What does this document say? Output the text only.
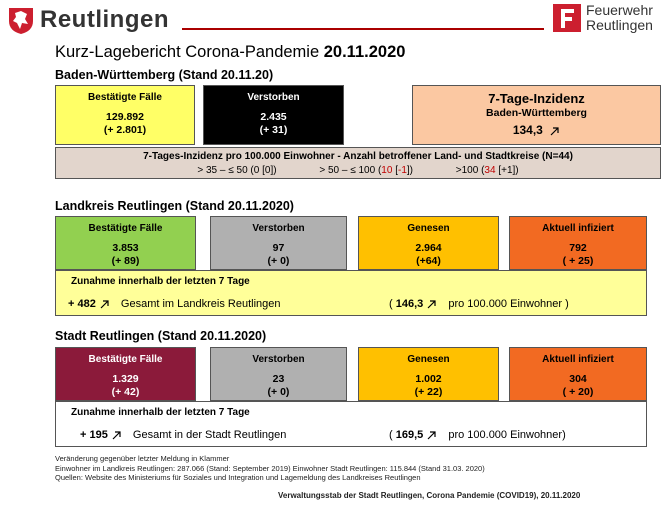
Reutlingen	Feuerwehr
Reutlingen
Kurz-Lagebericht Corona-Pandemie 20.11.2020
Baden-Württemberg (Stand 20.11.20)
Bestätigte Fälle
129.892
(+ 2.801)
Verstorben
2.435
(+ 31)
7-Tage-Inzidenz
Baden-Württemberg
134,3
7-Tages-Inzidenz pro 100.000 Einwohner - Anzahl betroffener Land- und Stadtkreise (N=44)
> 35 – ≤ 50 (0 [0])	> 50 – ≤ 100 (10 [-1])	>100 (34 [+1])
Landkreis Reutlingen (Stand 20.11.2020)
Bestätigte Fälle
3.853
(+ 89)
Verstorben
97
(+ 0)
Genesen
2.964
(+64)
Aktuell infiziert
792
( + 25)
Zunahme innerhalb der letzten 7 Tage
+ 482 Gesamt im Landkreis Reutlingen	( 146,3 pro 100.000 Einwohner )
Stadt Reutlingen (Stand 20.11.2020)
Bestätigte Fälle
1.329
(+ 42)
Verstorben
23
(+ 0)
Genesen
1.002
(+ 22)
Aktuell infiziert
304
( + 20)
Zunahme innerhalb der letzten 7 Tage
+ 195 Gesamt in der Stadt Reutlingen	( 169,5 pro 100.000 Einwohner)
Veränderung gegenüber letzter Meldung in Klammer
Einwohner im Landkreis Reutlingen: 287.066 (Stand: September 2019) Einwohner Stadt Reutlingen: 115.844 (Stand 31.03. 2020)
Quellen: Website des Ministeriums für Soziales und Integration und Lagemeldung des Landkreises Reutlingen
Verwaltungsstab der Stadt Reutlingen, Corona Pandemie (COVID19), 20.11.2020
